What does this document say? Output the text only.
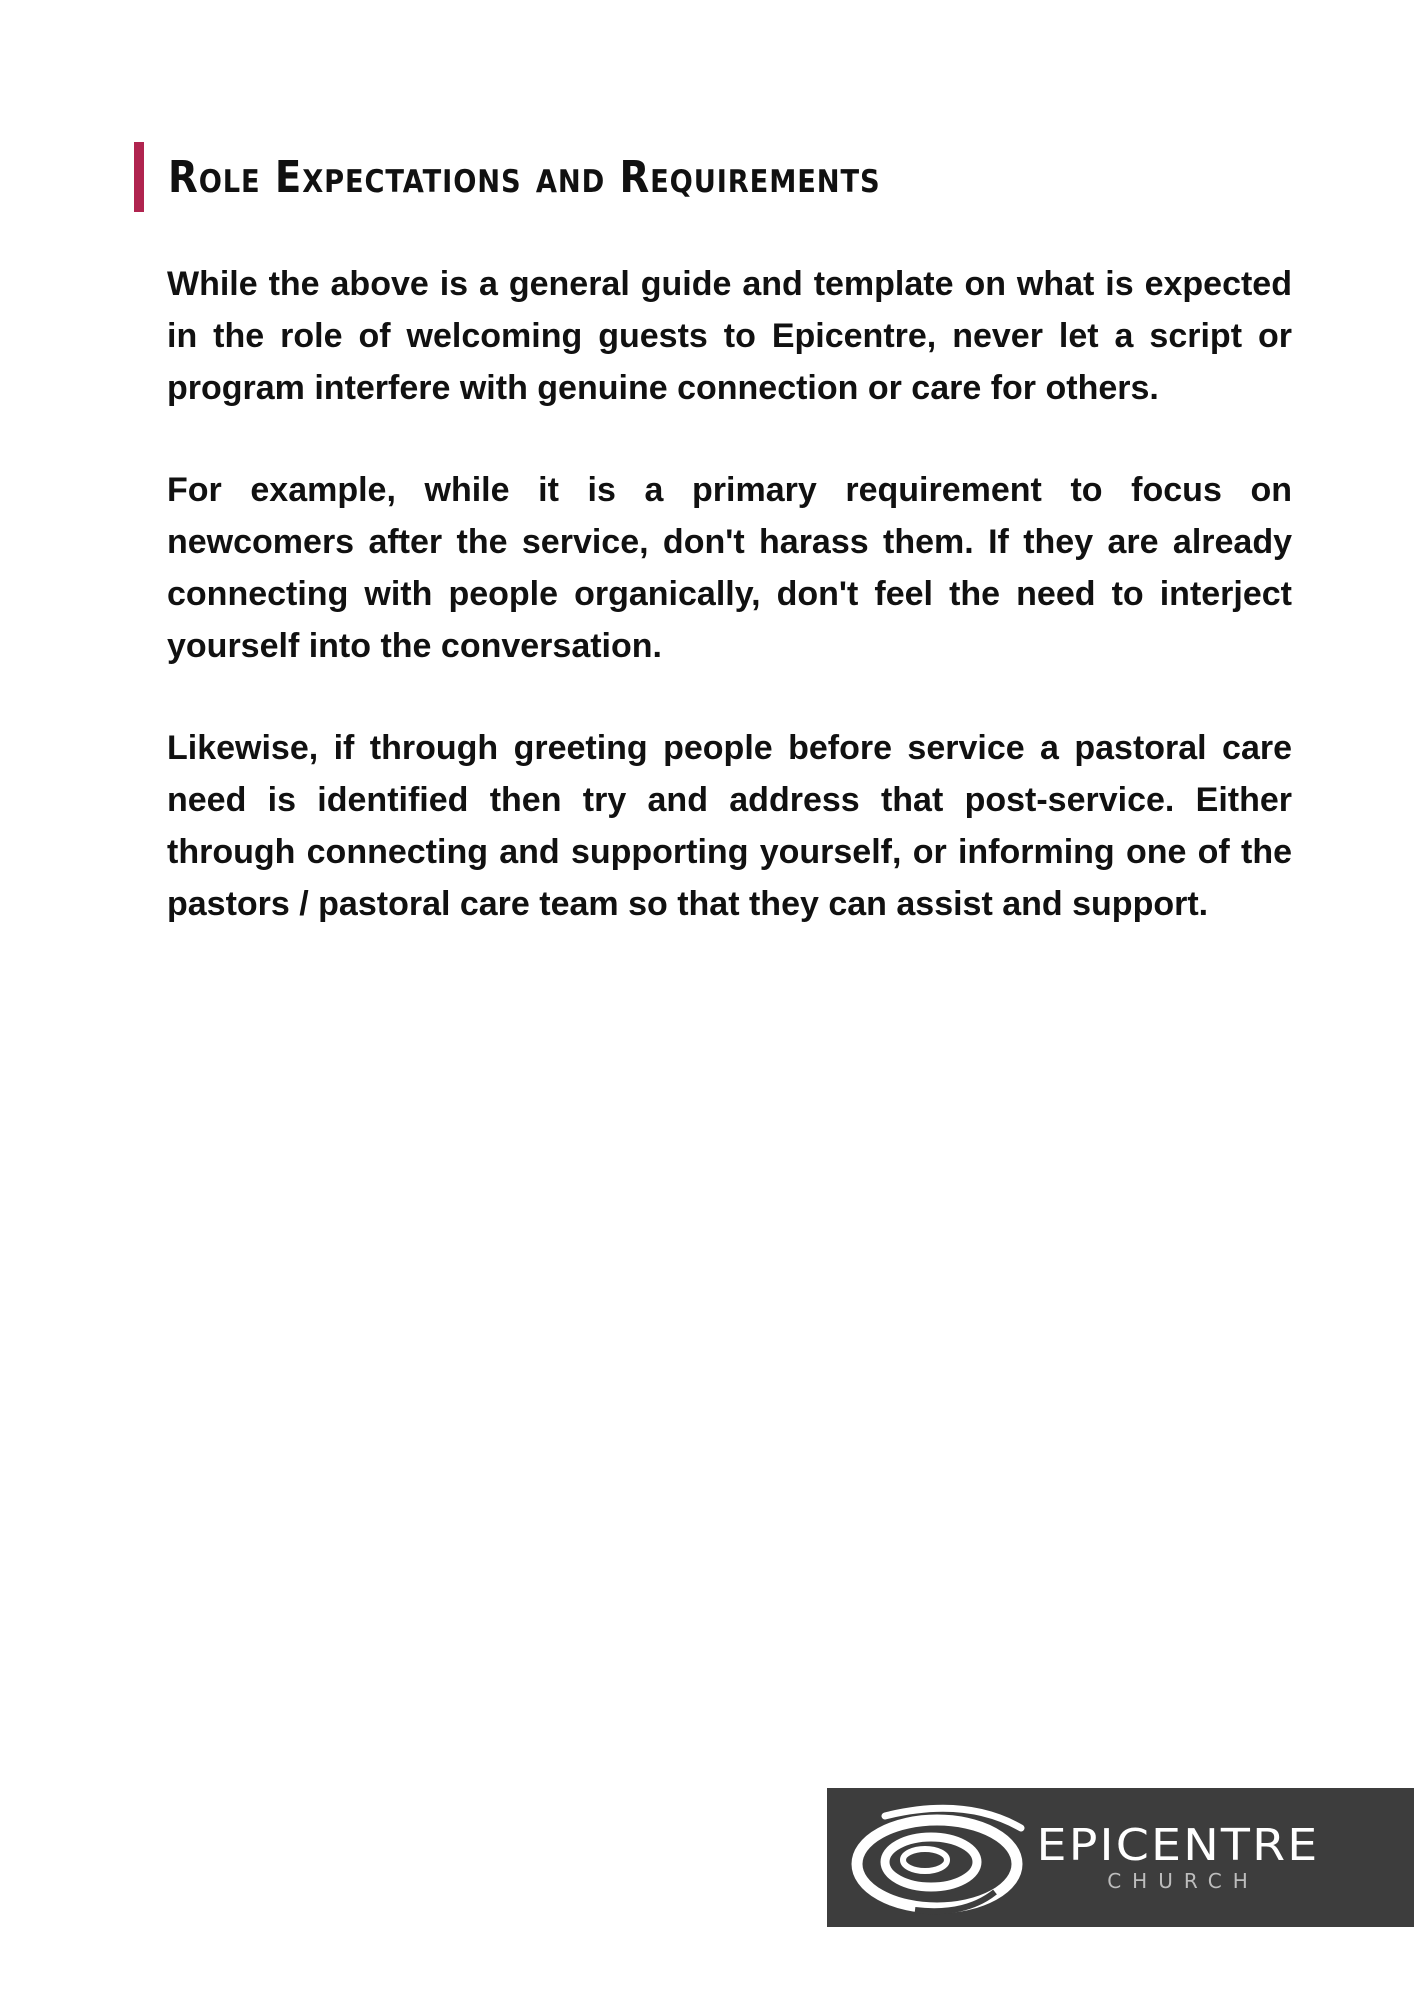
Role Expectations and Requirements

While the above is a general guide and template on what is expected in the role of welcoming guests to Epicentre, never let a script or program interfere with genuine connection or care for others.

For example, while it is a primary requirement to focus on newcomers after the service, don't harass them. If they are already connecting with people organically, don't feel the need to interject yourself into the conversation.

Likewise, if through greeting people before service a pastoral care need is identified then try and address that post-service. Either through connecting and supporting yourself, or informing one of the pastors / pastoral care team so that they can assist and support.

EPICENTRE
CHURCH
